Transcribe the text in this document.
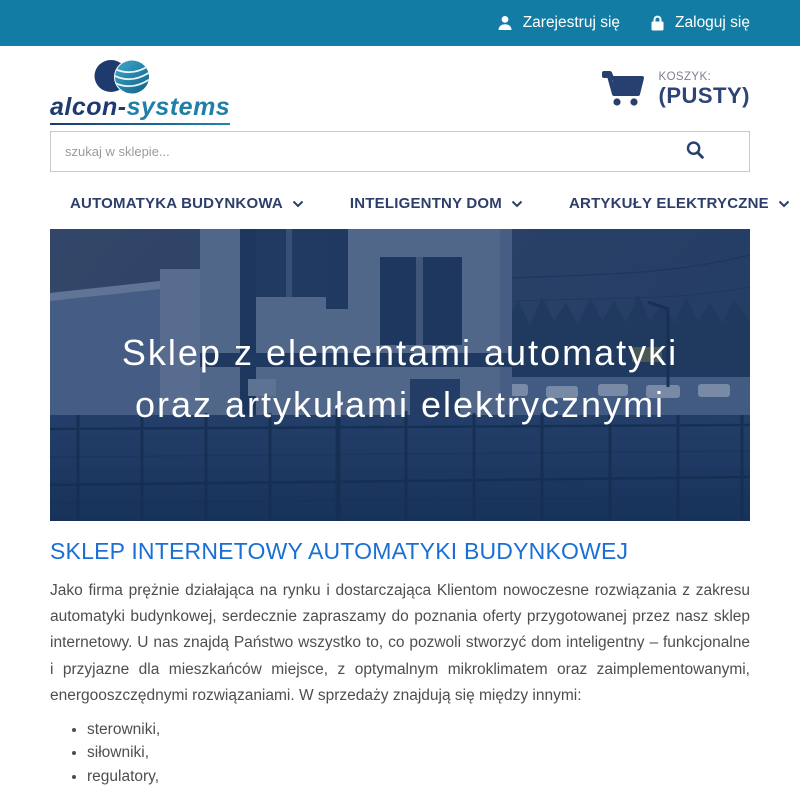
Zarejestruj się	Zaloguj się
alcon-systems
KOSZYK:
(PUSTY)
szukaj w sklepie...
AUTOMATYKA BUDYNKOWA	INTELIGENTNY DOM	ARTYKUŁY ELEKTRYCZNE
Sklep z elementami automatyki
oraz artykułami elektrycznymi
SKLEP INTERNETOWY AUTOMATYKI BUDYNKOWEJ

Jako firma prężnie działająca na rynku i dostarczająca Klientom nowoczesne rozwiązania z zakresu automatyki budynkowej, serdecznie zapraszamy do poznania oferty przygotowanej przez nasz sklep internetowy. U nas znajdą Państwo wszystko to, co pozwoli stworzyć dom inteligentny – funkcjonalne i przyjazne dla mieszkańców miejsce, z optymalnym mikroklimatem oraz zaimplementowanymi, energooszczędnymi rozwiązaniami. W sprzedaży znajdują się między innymi:

• sterowniki,
• siłowniki,
• regulatory,
